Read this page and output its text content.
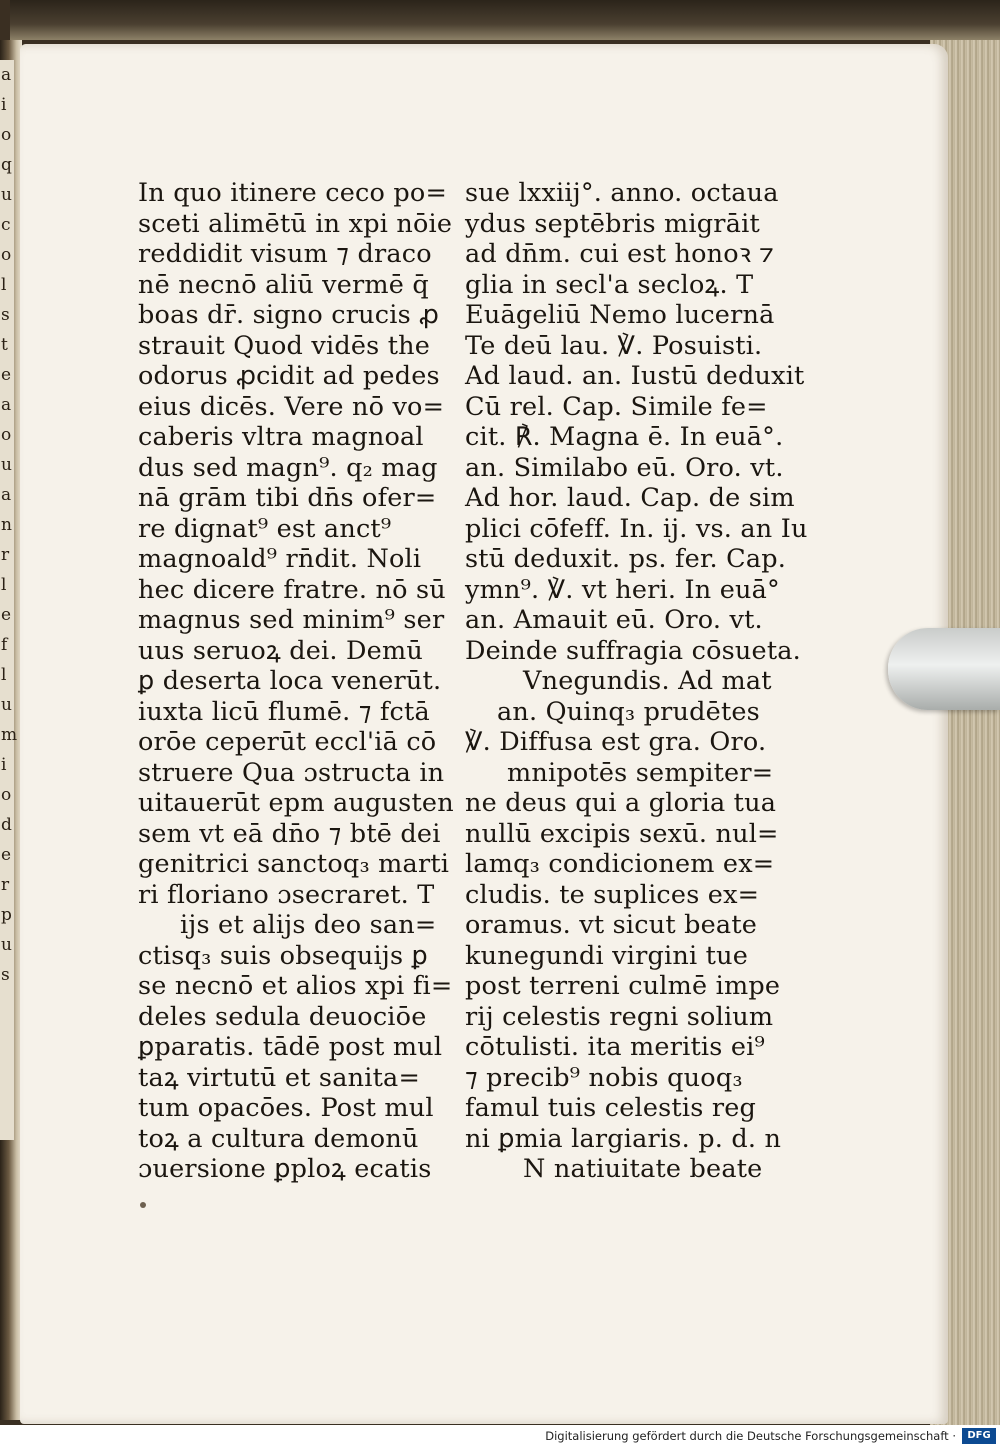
a
i
o
q
u
c
o
l
s
t
e
a
o
u
a
n
r
l
e
f
l
u
m
i
o
d
e
r
p
u
s
In quo itinere ceco po=
sceti alimētū in xpi nōie
reddidit visum ⁊ draco
nē necnō aliū vermē q̄
boas dr̄. signo crucis ꝓ
strauit Quod vidēs the
odorus ꝓcidit ad pedes
eius dicēs. Vere nō vo=
caberis vltra magnoal
dus sed magn⁹. q₂ mag
nā grām tibi dn̄s ofer=
re dignat⁹ est anct⁹
magnoald⁹ rn̄dit. Noli
hec dicere fratre. nō sū
magnus sed minim⁹ ser
uus seruoꝝ dei. Demū
ꝑ deserta loca venerūt.
iuxta licū flumē. ⁊ fctā
orōe ceperūt eccl'iā cō
struere Qua ɔstructa in
uitauerūt epm augusten
sem vt eā dn̄o ⁊ btē dei
genitrici sanctoq₃ marti
ri floriano ɔsecraret. T
ijs et alijs deo san=
ctisq₃ suis obsequijs ꝑ
se necnō et alios xpi fi=
deles sedula deuociōe
ꝑparatis. tādē post mul
taꝝ virtutū et sanita=
tum opacōes. Post mul
toꝝ a cultura demonū
ɔuersione ꝑploꝝ ecatis
sue lxxiij°. anno. octaua
ydus septēbris migrāit
ad dn̄m. cui est honoꝛ ⁊
glia in secl'a secloꝝ. T
Euāgeliū Nemo lucernā
Te deū lau. ℣. Posuisti.
Ad laud. an. Iustū deduxit
Cū rel. Cap. Simile fe=
cit. ℟. Magna ē. In euā°.
an. Similabo eū. Oro. vt.
Ad hor. laud. Cap. de sim
plici cōfeff. In. ij. vs. an Iu
stū deduxit. ps. fer. Cap.
ymn⁹. ℣. vt heri. In euā°
an. Amauit eū. Oro. vt.
Deinde suffragia cōsueta.
Vnegundis. Ad mat
an. Quinq₃ prudētes
℣. Diffusa est gra. Oro.
mnipotēs sempiter=
ne deus qui a gloria tua
nullū excipis sexū. nul=
lamq₃ condicionem ex=
cludis. te suplices ex=
oramus. vt sicut beate
kunegundi virgini tue
post terreni culmē impe
rij celestis regni solium
cōtulisti. ita meritis ei⁹
⁊ precib⁹ nobis quoq₃
famul tuis celestis reg
ni ꝑmia largiaris. p. d. n
N natiuitate beate
Digitalisierung gefördert durch die Deutsche Forschungsgemeinschaft ·	DFG
